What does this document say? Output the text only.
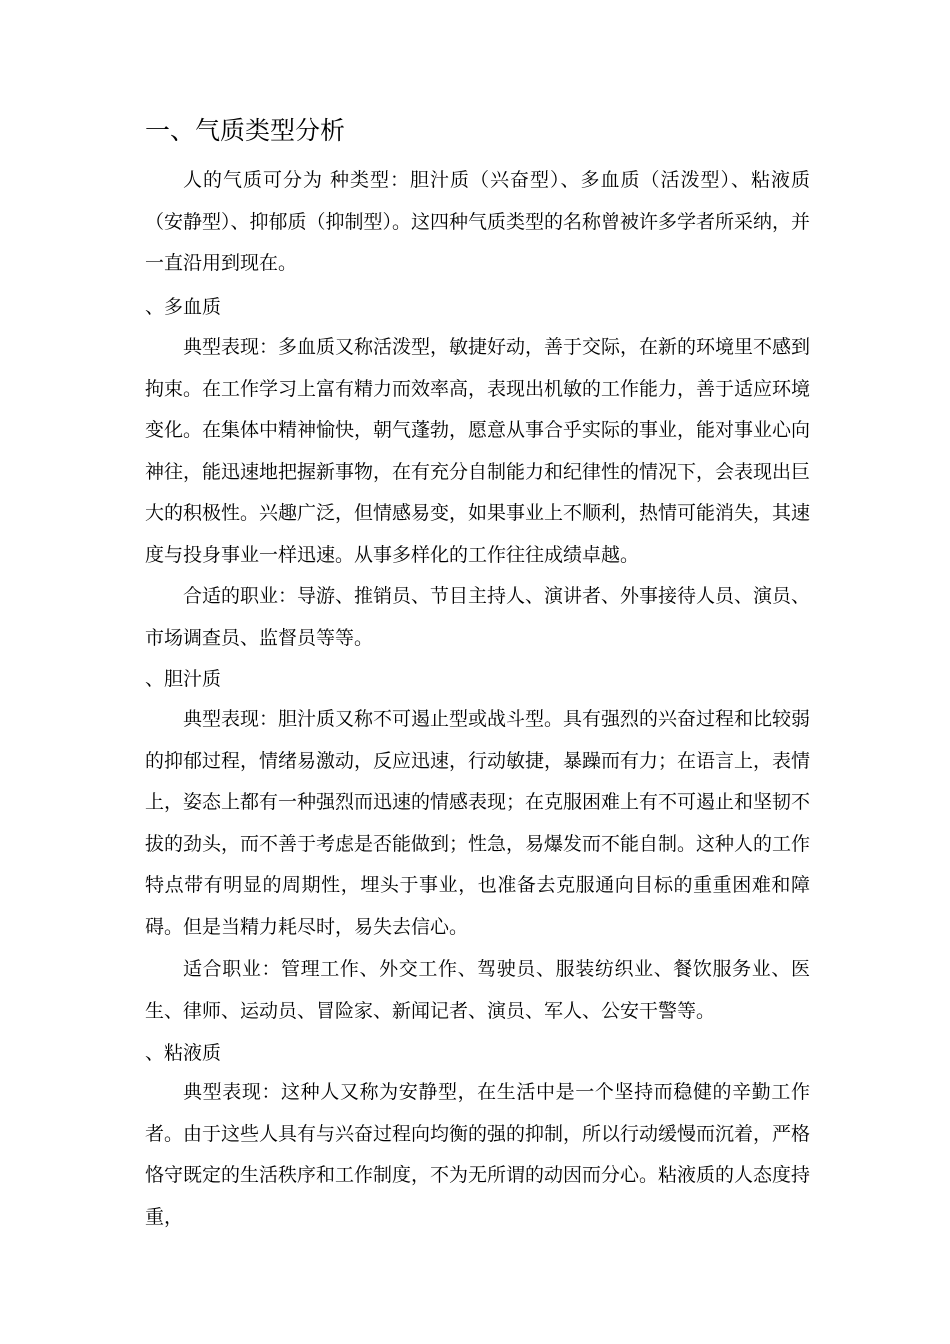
一、气质类型分析

人的气质可分为 种类型：胆汁质（兴奋型）、多血质（活泼型）、粘液质（安静型）、抑郁质（抑制型）。这四种气质类型的名称曾被许多学者所采纳，并一直沿用到现在。

、多血质

典型表现：多血质又称活泼型，敏捷好动，善于交际，在新的环境里不感到拘束。在工作学习上富有精力而效率高，表现出机敏的工作能力，善于适应环境变化。在集体中精神愉快，朝气蓬勃，愿意从事合乎实际的事业，能对事业心向神往，能迅速地把握新事物，在有充分自制能力和纪律性的情况下，会表现出巨大的积极性。兴趣广泛，但情感易变，如果事业上不顺利，热情可能消失，其速度与投身事业一样迅速。从事多样化的工作往往成绩卓越。

合适的职业：导游、推销员、节目主持人、演讲者、外事接待人员、演员、市场调查员、监督员等等。

、胆汁质

典型表现：胆汁质又称不可遏止型或战斗型。具有强烈的兴奋过程和比较弱的抑郁过程，情绪易激动，反应迅速，行动敏捷，暴躁而有力；在语言上，表情上，姿态上都有一种强烈而迅速的情感表现；在克服困难上有不可遏止和坚韧不拔的劲头，而不善于考虑是否能做到；性急，易爆发而不能自制。这种人的工作特点带有明显的周期性，埋头于事业，也准备去克服通向目标的重重困难和障碍。但是当精力耗尽时，易失去信心。

适合职业：管理工作、外交工作、驾驶员、服装纺织业、餐饮服务业、医生、律师、运动员、冒险家、新闻记者、演员、军人、公安干警等。

、粘液质

典型表现：这种人又称为安静型，在生活中是一个坚持而稳健的辛勤工作者。由于这些人具有与兴奋过程向均衡的强的抑制，所以行动缓慢而沉着，严格恪守既定的生活秩序和工作制度，不为无所谓的动因而分心。粘液质的人态度持重，
